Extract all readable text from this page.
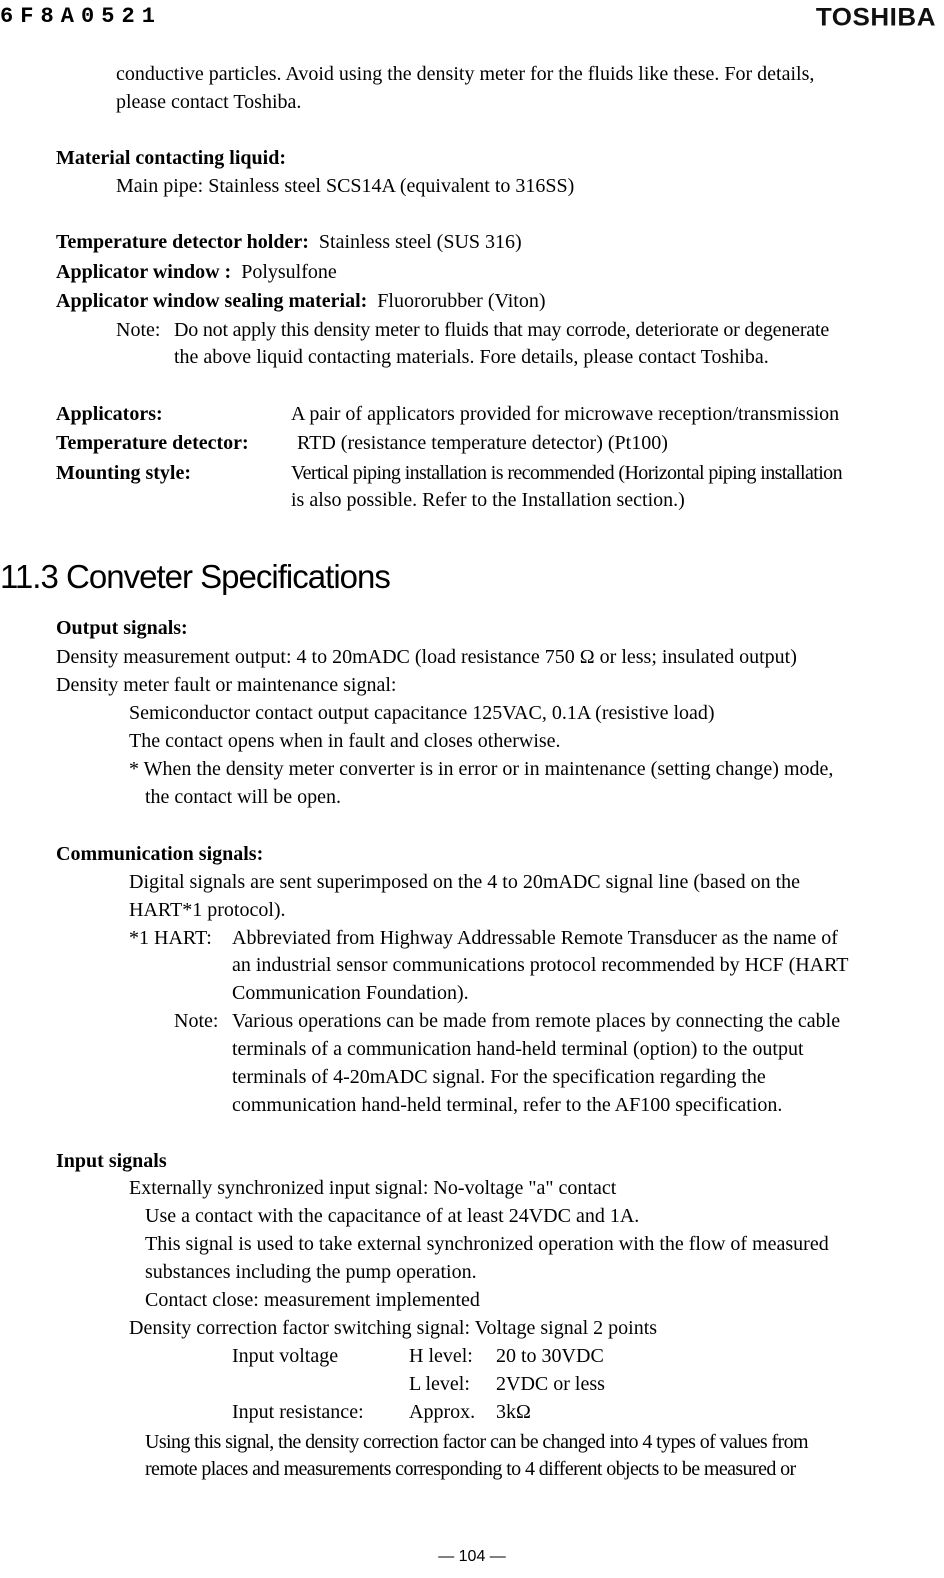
6F8A0521	TOSHIBA
conductive particles. Avoid using the density meter for the fluids like these. For details,
please contact Toshiba.
Material contacting liquid:
Main pipe: Stainless steel SCS14A (equivalent to 316SS)
Temperature detector holder: Stainless steel (SUS 316)
Applicator window : Polysulfone
Applicator window sealing material: Fluororubber (Viton)
Note: Do not apply this density meter to fluids that may corrode, deteriorate or degenerate
the above liquid contacting materials. Fore details, please contact Toshiba.
Applicators:	A pair of applicators provided for microwave reception/transmission
Temperature detector: RTD (resistance temperature detector) (Pt100)
Mounting style:	Vertical piping installation is recommended (Horizontal piping installation
is also possible. Refer to the Installation section.)
11.3 Conveter Specifications
Output signals:
Density measurement output: 4 to 20mADC (load resistance 750 Ω or less; insulated output)
Density meter fault or maintenance signal:
Semiconductor contact output capacitance 125VAC, 0.1A (resistive load)
The contact opens when in fault and closes otherwise.
* When the density meter converter is in error or in maintenance (setting change) mode,
the contact will be open.
Communication signals:
Digital signals are sent superimposed on the 4 to 20mADC signal line (based on the
HART*1 protocol).
*1 HART: Abbreviated from Highway Addressable Remote Transducer as the name of
an industrial sensor communications protocol recommended by HCF (HART
Communication Foundation).
Note: Various operations can be made from remote places by connecting the cable
terminals of a communication hand-held terminal (option) to the output
terminals of 4-20mADC signal. For the specification regarding the
communication hand-held terminal, refer to the AF100 specification.
Input signals
Externally synchronized input signal: No-voltage "a" contact
Use a contact with the capacitance of at least 24VDC and 1A.
This signal is used to take external synchronized operation with the flow of measured
substances including the pump operation.
Contact close: measurement implemented
Density correction factor switching signal: Voltage signal 2 points
Input voltage	H level: 20 to 30VDC
L level: 2VDC or less
Input resistance: Approx. 3kΩ
Using this signal, the density correction factor can be changed into 4 types of values from
remote places and measurements corresponding to 4 different objects to be measured or
— 104 —
